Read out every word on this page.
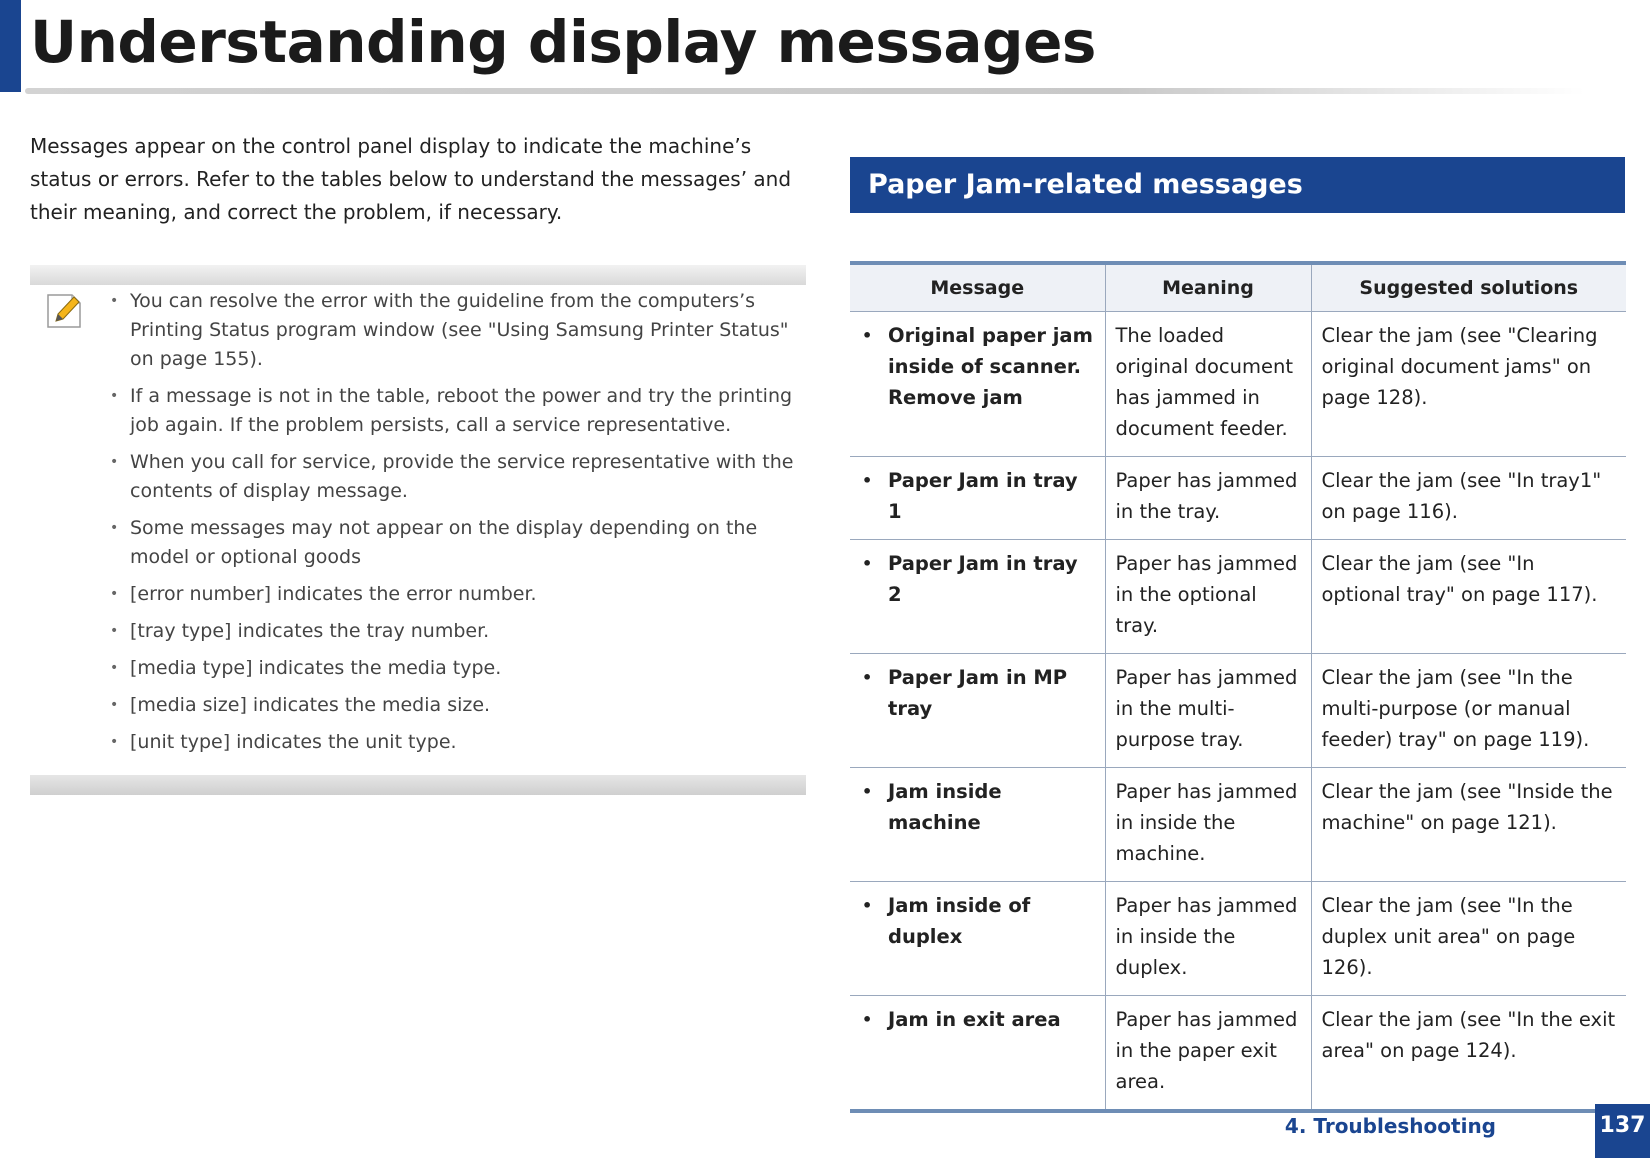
Understanding display messages

Messages appear on the control panel display to indicate the machine’s status or errors. Refer to the tables below to understand the messages’ and their meaning, and correct the problem, if necessary.

• You can resolve the error with the guideline from the computers’s Printing Status program window (see "Using Samsung Printer Status" on page 155).
• If a message is not in the table, reboot the power and try the printing job again. If the problem persists, call a service representative.
• When you call for service, provide the service representative with the contents of display message.
• Some messages may not appear on the display depending on the model or optional goods
• [error number] indicates the error number.
• [tray type] indicates the tray number.
• [media type] indicates the media type.
• [media size] indicates the media size.
• [unit type] indicates the unit type.
Paper Jam-related messages
Message	Meaning	Suggested solutions

• Original paper jam inside of scanner. Remove jam	The loaded original document has jammed in document feeder.	Clear the jam (see "Clearing original document jams" on page 128).

• Paper Jam in tray 1	Paper has jammed in the tray.	Clear the jam (see "In tray1" on page 116).

• Paper Jam in tray 2	Paper has jammed in the optional tray.	Clear the jam (see "In optional tray" on page 117).

• Paper Jam in MP tray	Paper has jammed in the multi-purpose tray.	Clear the jam (see "In the multi-purpose (or manual feeder) tray" on page 119).

• Jam inside machine	Paper has jammed in inside the machine.	Clear the jam (see "Inside the machine" on page 121).

• Jam inside of duplex	Paper has jammed in inside the duplex.	Clear the jam (see "In the duplex unit area" on page 126).

• Jam in exit area	Paper has jammed in the paper exit area.	Clear the jam (see "In the exit area" on page 124).
4. Troubleshooting	137
